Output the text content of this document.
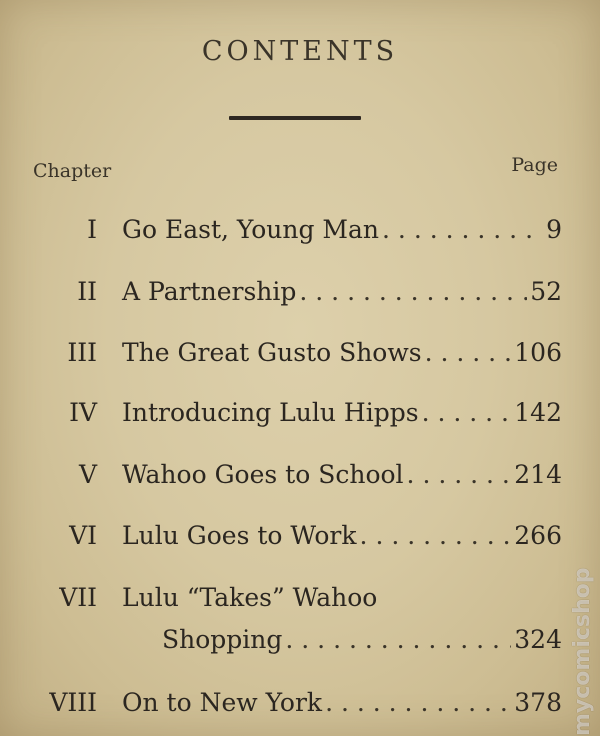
CONTENTS
Chapter	Page
I Go East, Young Man . . .	9
II A Partnership . . .	52
III The Great Gusto Shows . . .	106
IV Introducing Lulu Hipps . . .	142
V Wahoo Goes to School . . .	214
VI Lulu Goes to Work . . .	266
VII Lulu “Takes” Wahoo
Shopping . . .	324
VIII On to New York . . .	378 mycomicshop
